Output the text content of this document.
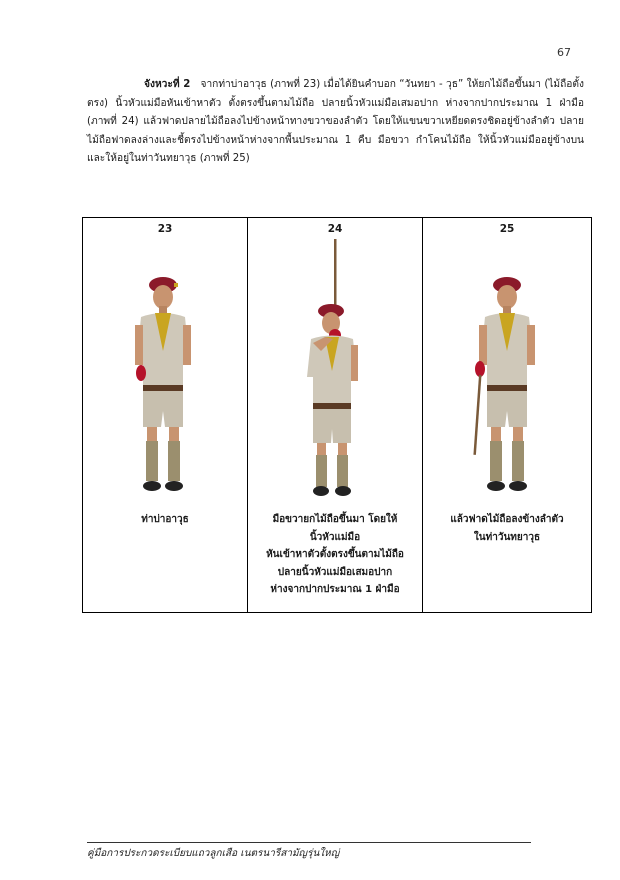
67

จังหวะที่ 2 จากท่าบ่าอาวุธ (ภาพที่ 23) เมื่อได้ยินคำบอก “วันทยา - วุธ” ให้ยกไม้ถือขึ้นมา (ไม้ถือตั้งตรง) นิ้วหัวแม่มือหันเข้าหาตัว ตั้งตรงขึ้นตามไม้ถือ ปลายนิ้วหัวแม่มือเสมอปาก ห่างจากปากประมาณ 1 ฝ่ามือ (ภาพที่ 24) แล้วฟาดปลายไม้ถือลงไปข้างหน้าทางขวาของลำตัว โดยให้แขนขวาเหยียดตรงชิดอยู่ข้างลำตัว ปลายไม้ถือฟาดลงล่างและชี้ตรงไปข้างหน้าห่างจากพื้นประมาณ 1 คืบ มือขวา กำโคนไม้ถือ ให้นิ้วหัวแม่มืออยู่ข้างบน และให้อยู่ในท่าวันทยาวุธ (ภาพที่ 25)

23
ท่าบ่าอาวุธ

24
มือขวายกไม้ถือขึ้นมา โดยให้
นิ้วหัวแม่มือ
หันเข้าหาตัวตั้งตรงขึ้นตามไม้ถือ
ปลายนิ้วหัวแม่มือเสมอปาก
ห่างจากปากประมาณ 1 ฝ่ามือ

25
แล้วฟาดไม้ถือลงข้างลำตัว
ในท่าวันทยาวุธ
คู่มือการประกวดระเบียบแถวลูกเสือ เนตรนารีสามัญรุ่นใหญ่
